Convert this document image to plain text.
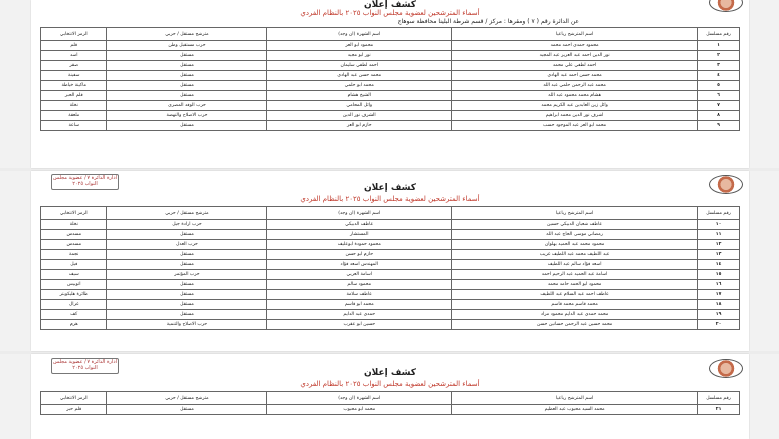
كشف إعلان
أسماء المترشحين لعضوية مجلس النواب ٢٠٢٥ بالنظام الفردي
عن الدائرة رقم ( ٧ ) ومقرها : مركز / قسم شرطة البلينا محافظة سوهاج
رقم مسلسل	اسم المترشح رباعيا	اسم الشهرة (ان وجد)	مترشح مستقل / حزبي	الرمز الانتخابي
١	محمود حمدي احمد محمد	محمود ابو العز	حزب مستقبل وطن	قلم
٢	نور الدين احمد عبد العزيز عبد المجيد	نور ابو مجيد	مستقل	اسد
٣	احمد لطفي علي محمد	احمد لطفي سليمان	مستقل	صقر
٤	محمد حسن احمد عبد الهادي	محمد حسن عبد الهادي	مستقل	سفينة
٥	محمد عبد الرحمن حلمي عبد الله	محمد ابو حلمي	مستقل	ماكينة خياطة
٦	هشام محمد محمود عبد الله	الشيخ هشام	مستقل	قلم الحبر
٧	وائل زين العابدين عبد الكريم محمد	وائل المحامي	حزب الوفد المصري	نخلة
٨	اشرف نور الدين محمد ابراهيم	الشرف نور الدين	حزب الاصلاح والنهضة	ملعقة
٩	محمد ابو العز عبد الموجود حسب	حازم ابو العز	مستقل	ساعة
ادارة الدائرة ٧ / عضوية مجلس النواب ٢٠٢٥	كشف إعلان
أسماء المترشحين لعضوية مجلس النواب ٢٠٢٥ بالنظام الفردي
رقم مسلسل	اسم المترشح رباعيا	اسم الشهرة (ان وجد)	مترشح مستقل / حزبي	الرمز الانتخابي
١٠	عاطف شعبان الدبيكي حسين	عاطف الدبيكي	حزب ارادة جيل	نخلة
١١	رمضاني موسى الحاج عبد الله	المستشار	مستقل	مسدس
١٢	محمود محمد عبد الحميد بهلوان	محمود حمودة ابوعليف	حزب العدل	مسدس
١٣	عبد اللطيف محمد عبد اللطيف غريب	حازم ابو حسن	مستقل	نجمة
١٤	اسعد فؤاد سالم عبد اللطيف	المهندس اسعد فؤاد	مستقل	فيل
١٥	اسامة عبد الحميد عبد الرحيم احمد	اسامة العربي	حزب المؤتمر	سيف
١٦	محمود ابو الحمد حامد محمد	محمود سالم	مستقل	اتوبيس
١٧	عاطف احمد عبد السلام عبد اللطيف	عاطف سلامة	مستقل	طائرة هليكوبتر
١٨	محمد قاسم محمد قاسم	محمد ابو قاسم	مستقل	غزال
١٩	محمد حمدي عبد الدايم محمود مراد	حمدي عبد الدايم	مستقل	كف
٢٠	محمد حسين عبد الرحمن حسانين حسن	حسين ابو عقرب	حزب الاصلاح والتنمية	هرم
ادارة الدائرة ٧ / عضوية مجلس النواب ٢٠٢٥	كشف إعلان
أسماء المترشحين لعضوية مجلس النواب ٢٠٢٥ بالنظام الفردي
رقم مسلسل	اسم المترشح رباعيا	اسم الشهرة (ان وجد)	مترشح مستقل / حزبي	الرمز الانتخابي
٢١	محمد السيد محبوب عبد العظيم	محمد ابو محبوب	مستقل	قلم حبر
